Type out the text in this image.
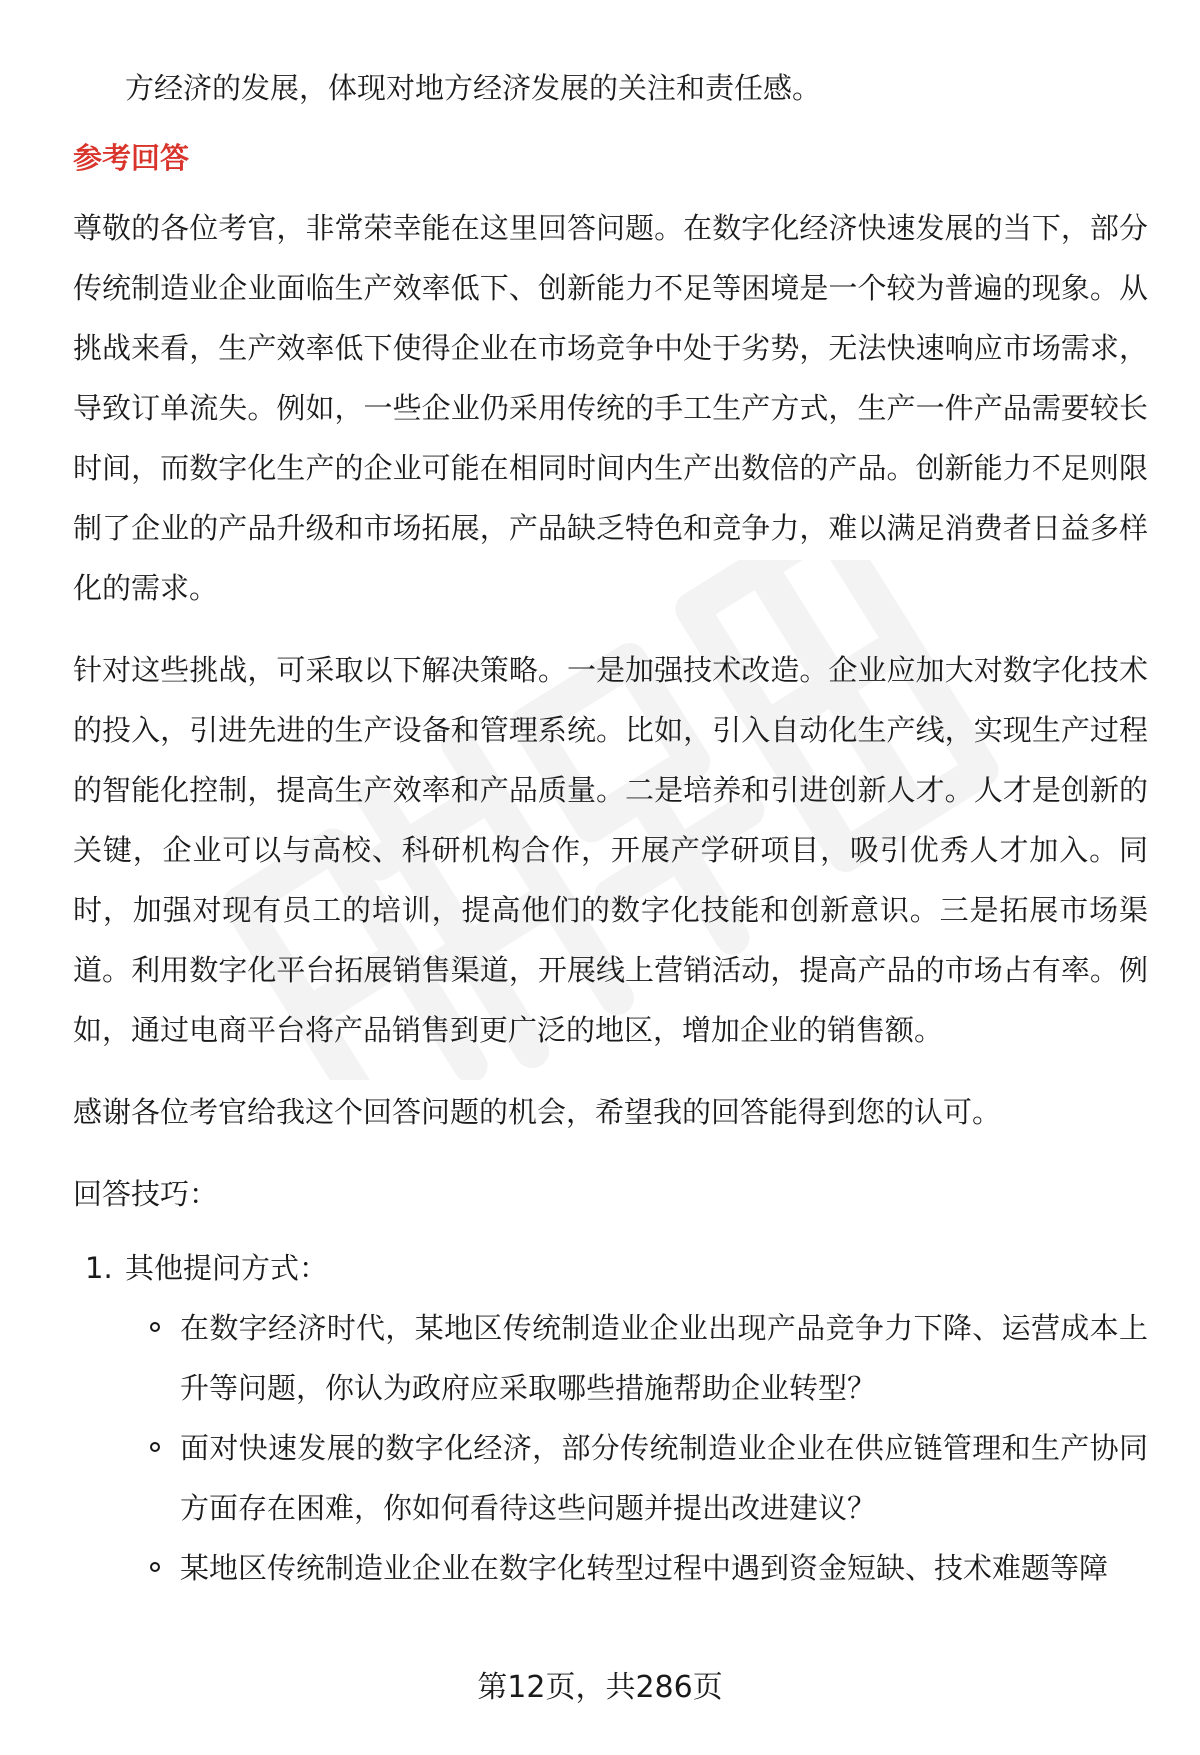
方经济的发展，体现对地方经济发展的关注和责任感。

参考回答

尊敬的各位考官，非常荣幸能在这里回答问题。在数字化经济快速发展的当下，部分传统制造业企业面临生产效率低下、创新能力不足等困境是一个较为普遍的现象。从挑战来看，生产效率低下使得企业在市场竞争中处于劣势，无法快速响应市场需求，导致订单流失。例如，一些企业仍采用传统的手工生产方式，生产一件产品需要较长时间，而数字化生产的企业可能在相同时间内生产出数倍的产品。创新能力不足则限制了企业的产品升级和市场拓展，产品缺乏特色和竞争力，难以满足消费者日益多样化的需求。

针对这些挑战，可采取以下解决策略。一是加强技术改造。企业应加大对数字化技术的投入，引进先进的生产设备和管理系统。比如，引入自动化生产线，实现生产过程的智能化控制，提高生产效率和产品质量。二是培养和引进创新人才。人才是创新的关键，企业可以与高校、科研机构合作，开展产学研项目，吸引优秀人才加入。同时，加强对现有员工的培训，提高他们的数字化技能和创新意识。三是拓展市场渠道。利用数字化平台拓展销售渠道，开展线上营销活动，提高产品的市场占有率。例如，通过电商平台将产品销售到更广泛的地区，增加企业的销售额。

感谢各位考官给我这个回答问题的机会，希望我的回答能得到您的认可。

回答技巧：

1. 其他提问方式：
在数字经济时代，某地区传统制造业企业出现产品竞争力下降、运营成本上升等问题，你认为政府应采取哪些措施帮助企业转型？
面对快速发展的数字化经济，部分传统制造业企业在供应链管理和生产协同方面存在困难，你如何看待这些问题并提出改进建议？
某地区传统制造业企业在数字化转型过程中遇到资金短缺、技术难题等障
第12页，共286页
